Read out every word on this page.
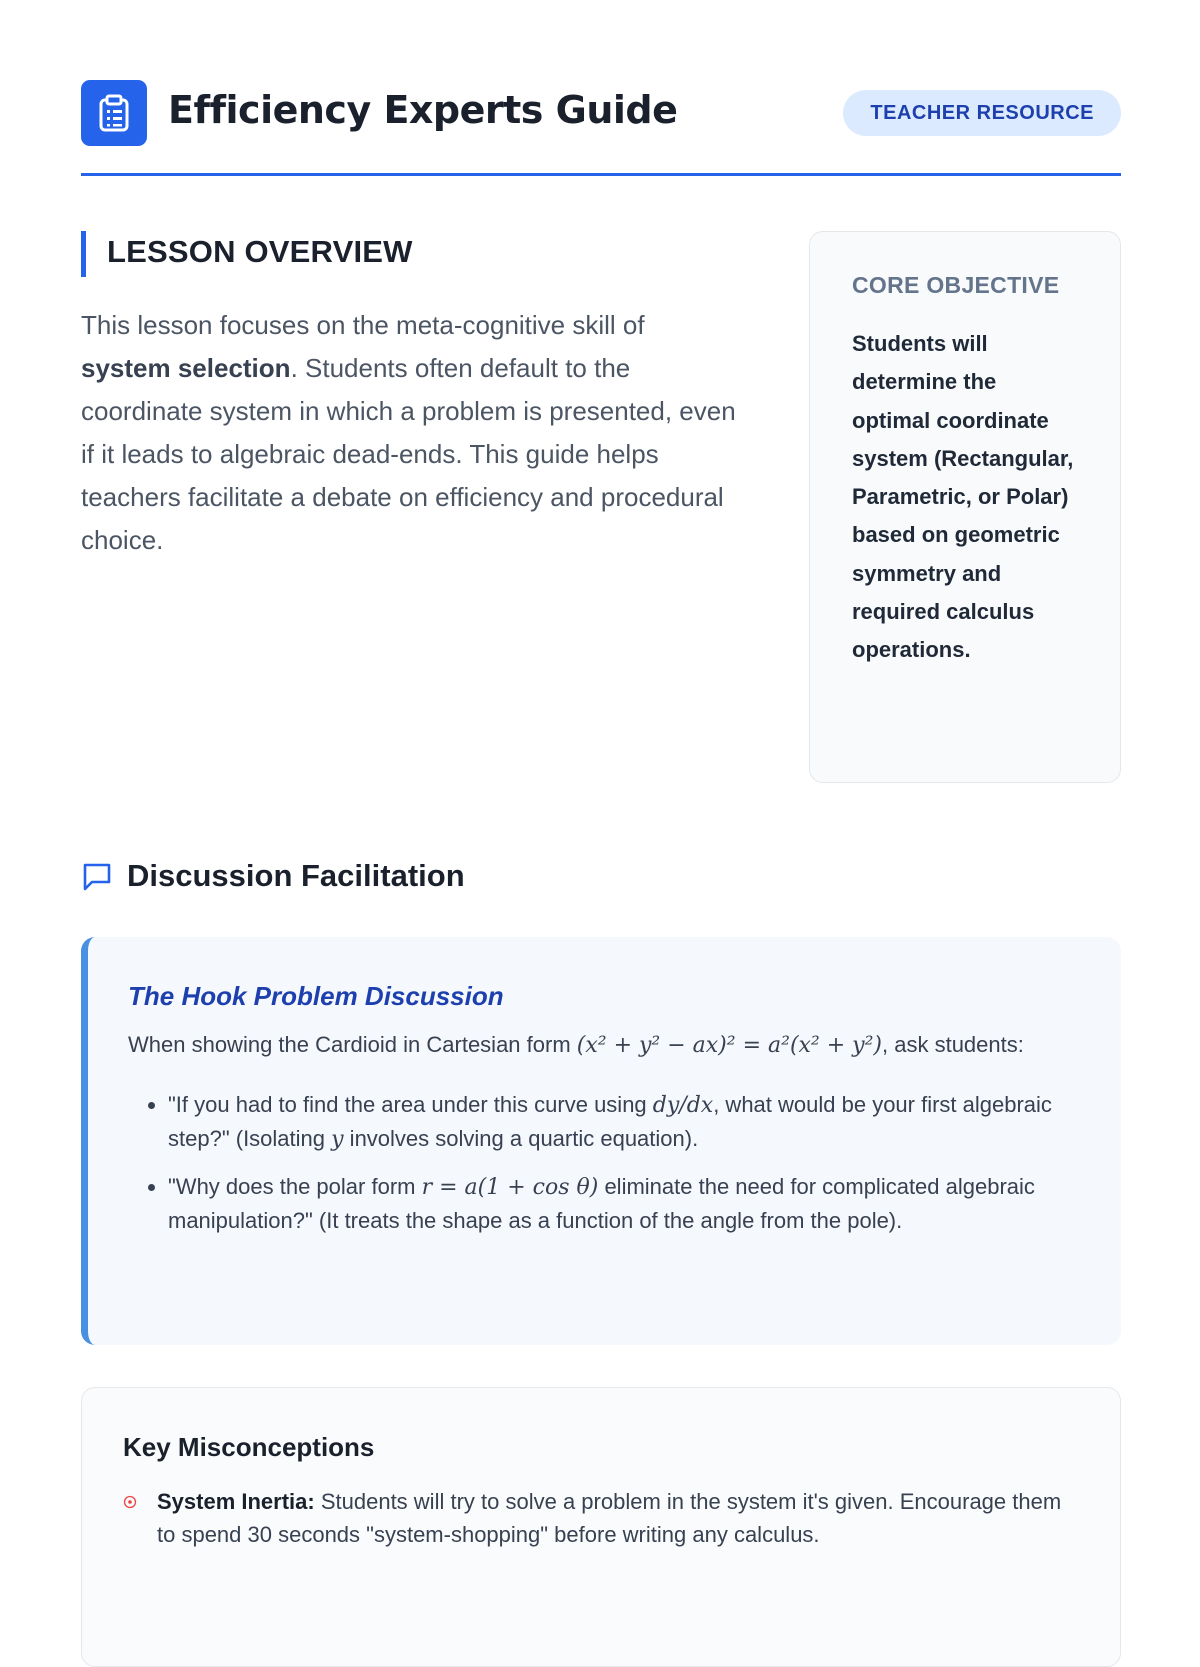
Efficiency Experts Guide	TEACHER RESOURCE
LESSON OVERVIEW
This lesson focuses on the meta-cognitive skill of system selection. Students often default to the coordinate system in which a problem is presented, even if it leads to algebraic dead-ends. This guide helps teachers facilitate a debate on efficiency and procedural choice.
CORE OBJECTIVE
Students will determine the optimal coordinate system (Rectangular, Parametric, or Polar) based on geometric symmetry and required calculus operations.
Discussion Facilitation
The Hook Problem Discussion
When showing the Cardioid in Cartesian form (x² + y² − ax)² = a²(x² + y²), ask students:
• "If you had to find the area under this curve using dy/dx, what would be your first algebraic step?" (Isolating y involves solving a quartic equation).
• "Why does the polar form r = a(1 + cos θ) eliminate the need for complicated algebraic manipulation?" (It treats the shape as a function of the angle from the pole).
Key Misconceptions
System Inertia: Students will try to solve a problem in the system it's given. Encourage them to spend 30 seconds "system-shopping" before writing any calculus.
